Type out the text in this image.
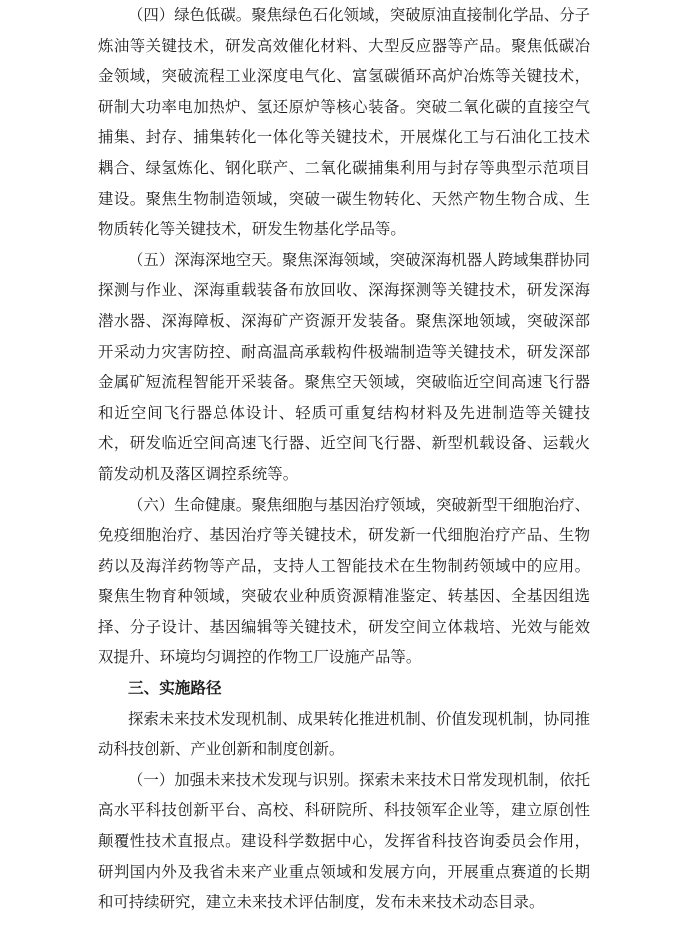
（四）绿色低碳。聚焦绿色石化领域，突破原油直接制化学品、分子炼油等关键技术，研发高效催化材料、大型反应器等产品。聚焦低碳冶金领域，突破流程工业深度电气化、富氢碳循环高炉冶炼等关键技术，研制大功率电加热炉、氢还原炉等核心装备。突破二氧化碳的直接空气捕集、封存、捕集转化一体化等关键技术，开展煤化工与石油化工技术耦合、绿氢炼化、钢化联产、二氧化碳捕集利用与封存等典型示范项目建设。聚焦生物制造领域，突破一碳生物转化、天然产物生物合成、生物质转化等关键技术，研发生物基化学品等。

（五）深海深地空天。聚焦深海领域，突破深海机器人跨域集群协同探测与作业、深海重载装备布放回收、深海探测等关键技术，研发深海潜水器、深海障板、深海矿产资源开发装备。聚焦深地领域，突破深部开采动力灾害防控、耐高温高承载构件极端制造等关键技术，研发深部金属矿短流程智能开采装备。聚焦空天领域，突破临近空间高速飞行器和近空间飞行器总体设计、轻质可重复结构材料及先进制造等关键技术，研发临近空间高速飞行器、近空间飞行器、新型机载设备、运载火箭发动机及落区调控系统等。

（六）生命健康。聚焦细胞与基因治疗领域，突破新型干细胞治疗、免疫细胞治疗、基因治疗等关键技术，研发新一代细胞治疗产品、生物药以及海洋药物等产品，支持人工智能技术在生物制药领域中的应用。聚焦生物育种领域，突破农业种质资源精准鉴定、转基因、全基因组选择、分子设计、基因编辑等关键技术，研发空间立体栽培、光效与能效双提升、环境均匀调控的作物工厂设施产品等。

三、实施路径

探索未来技术发现机制、成果转化推进机制、价值发现机制，协同推动科技创新、产业创新和制度创新。

（一）加强未来技术发现与识别。探索未来技术日常发现机制，依托高水平科技创新平台、高校、科研院所、科技领军企业等，建立原创性颠覆性技术直报点。建设科学数据中心，发挥省科技咨询委员会作用，研判国内外及我省未来产业重点领域和发展方向，开展重点赛道的长期和可持续研究，建立未来技术评估制度，发布未来技术动态目录。
